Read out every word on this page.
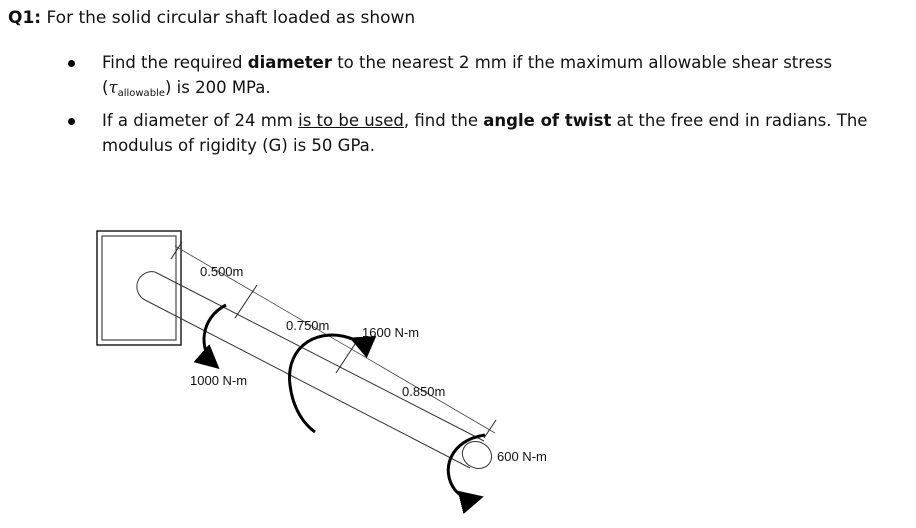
Q1: For the solid circular shaft loaded as shown
Find the required diameter to the nearest 2 mm if the maximum allowable shear stress
$(\tau_{allowable})$ is 200 MPa.
If a diameter of 24 mm is to be used, find the angle of twist at the free end in radians. The
modulus of rigidity (G) is 50 GPa.
0.500m
0.750m
0.850m
1000 N-m
1600 N-m
600 N-m
